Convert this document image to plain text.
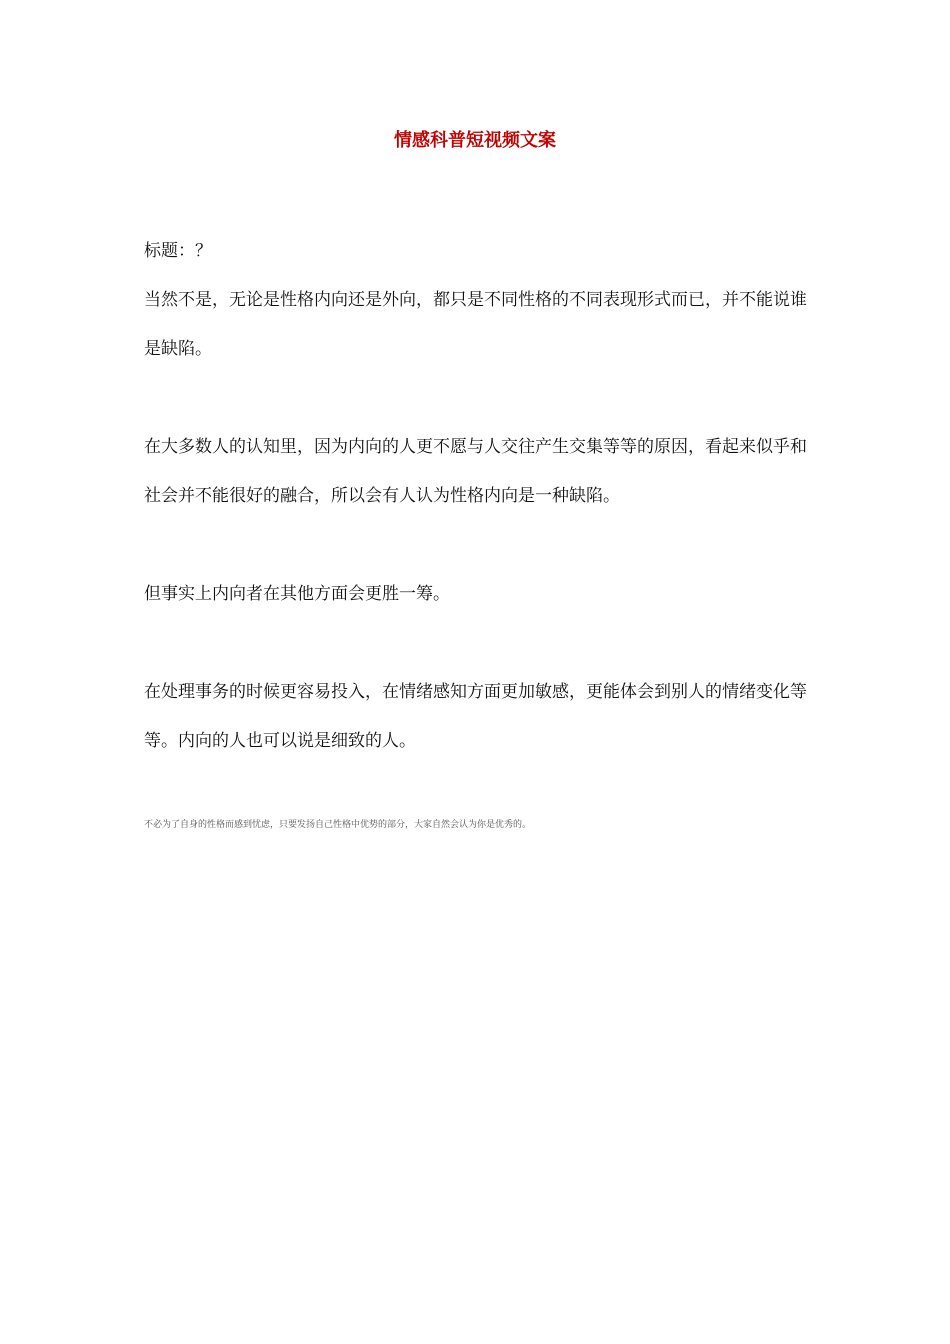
情感科普短视频文案

标题：？

当然不是，无论是性格内向还是外向，都只是不同性格的不同表现形式而已，并不能说谁是缺陷。

在大多数人的认知里，因为内向的人更不愿与人交往产生交集等等的原因，看起来似乎和社会并不能很好的融合，所以会有人认为性格内向是一种缺陷。

但事实上内向者在其他方面会更胜一筹。

在处理事务的时候更容易投入，在情绪感知方面更加敏感，更能体会到别人的情绪变化等等。内向的人也可以说是细致的人。

不必为了自身的性格而感到忧虑，只要发扬自己性格中优势的部分，大家自然会认为你是优秀的。
